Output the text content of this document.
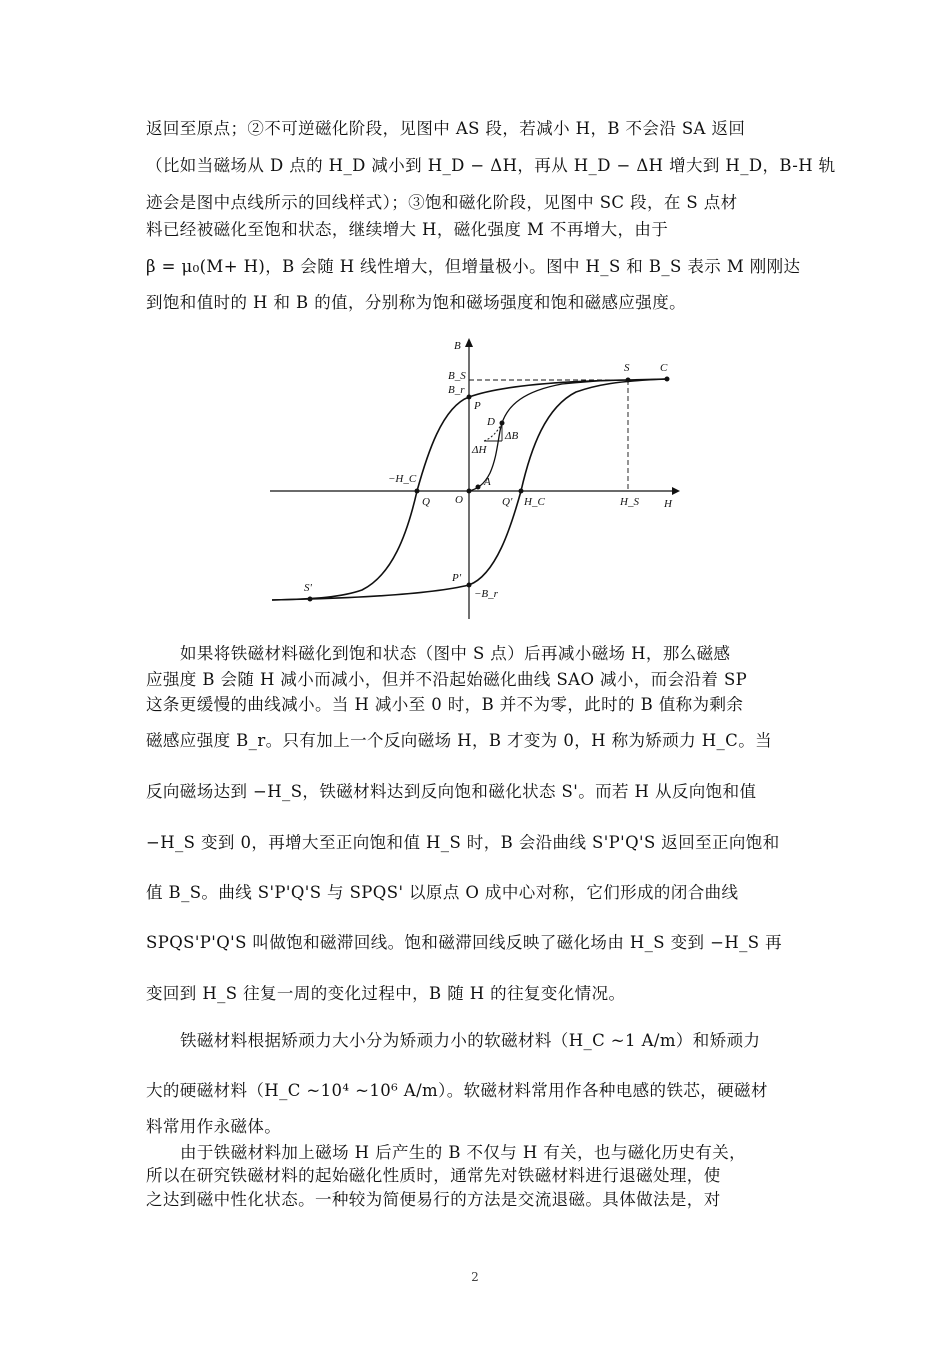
返回至原点；②不可逆磁化阶段，见图中 AS 段，若减小 H，B 不会沿 SA 返回
（比如当磁场从 D 点的 H_D 减小到 H_D − ΔH，再从 H_D − ΔH 增大到 H_D，B-H 轨
迹会是图中点线所示的回线样式）；③饱和磁化阶段，见图中 SC 段，在 S 点材
料已经被磁化至饱和状态，继续增大 H，磁化强度 M 不再增大，由于
β = μ₀(M+ H)，B 会随 H 线性增大，但增量极小。图中 H_S 和 B_S 表示 M 刚刚达
到饱和值时的 H 和 B 的值，分别称为饱和磁场强度和饱和磁感应强度。
B
H
S	C
B_S
B_r
P
D
ΔB
ΔH
−H_C	A
Q O	Q' H_C	H_S
S'
P'
−B_r
如果将铁磁材料磁化到饱和状态（图中 S 点）后再减小磁场 H，那么磁感
应强度 B 会随 H 减小而减小，但并不沿起始磁化曲线 SAO 减小，而会沿着 SP
这条更缓慢的曲线减小。当 H 减小至 0 时，B 并不为零，此时的 B 值称为剩余
磁感应强度 B_r。只有加上一个反向磁场 H，B 才变为 0，H 称为矫顽力 H_C。当
反向磁场达到 −H_S，铁磁材料达到反向饱和磁化状态 S'。而若 H 从反向饱和值
−H_S 变到 0，再增大至正向饱和值 H_S 时，B 会沿曲线 S'P'Q'S 返回至正向饱和
值 B_S。曲线 S'P'Q'S 与 SPQS' 以原点 O 成中心对称，它们形成的闭合曲线
SPQS'P'Q'S 叫做饱和磁滞回线。饱和磁滞回线反映了磁化场由 H_S 变到 −H_S 再
变回到 H_S 往复一周的变化过程中，B 随 H 的往复变化情况。
铁磁材料根据矫顽力大小分为矫顽力小的软磁材料（H_C ~1 A/m）和矫顽力
大的硬磁材料（H_C ~10⁴ ~10⁶ A/m）。软磁材料常用作各种电感的铁芯，硬磁材
料常用作永磁体。
由于铁磁材料加上磁场 H 后产生的 B 不仅与 H 有关，也与磁化历史有关，
所以在研究铁磁材料的起始磁化性质时，通常先对铁磁材料进行退磁处理，使
之达到磁中性化状态。一种较为简便易行的方法是交流退磁。具体做法是，对
2
